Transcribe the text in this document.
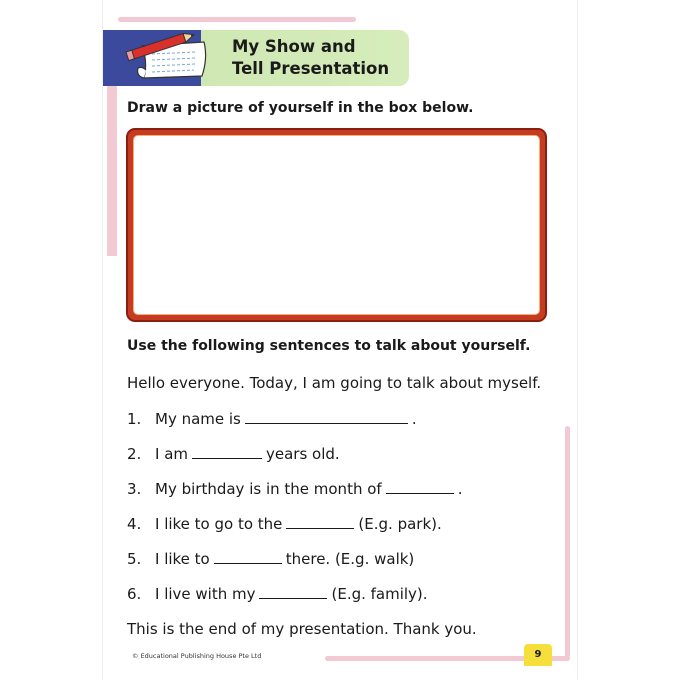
My Show and
Tell Presentation
Draw a picture of yourself in the box below.
Use the following sentences to talk about yourself.
Hello everyone. Today, I am going to talk about myself.
1. My name is	.
2. I am	years old.
3. My birthday is in the month of	.
4. I like to go to the	(E.g. park).
5. I like to	there. (E.g. walk)
6. I live with my	(E.g. family).
This is the end of my presentation. Thank you.
© Educational Publishing House Pte Ltd	9
